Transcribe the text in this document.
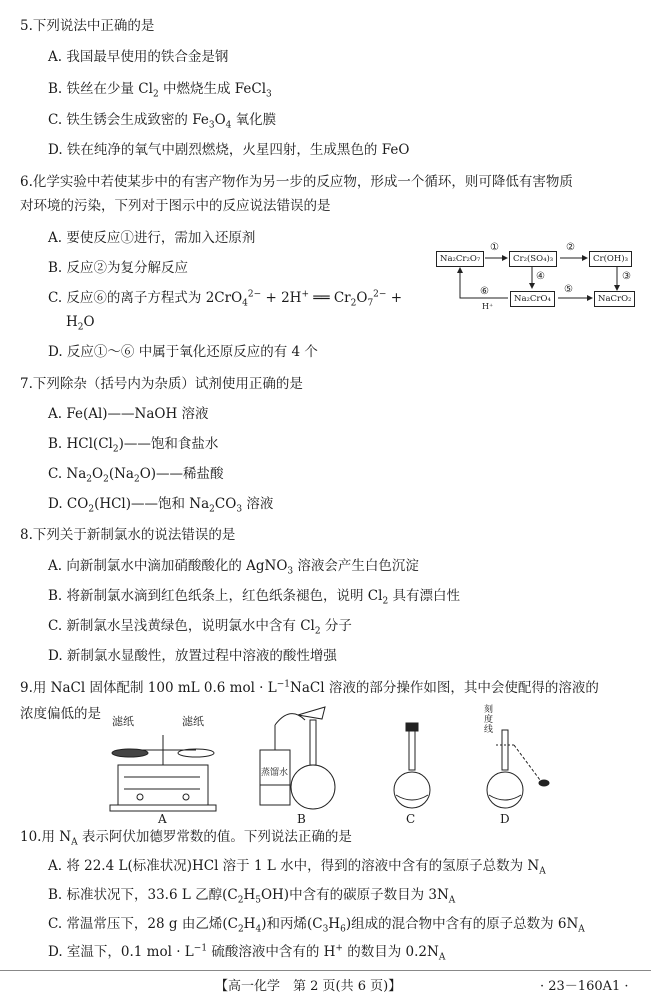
5.下列说法中正确的是
A. 我国最早使用的铁合金是钢
B. 铁丝在少量 $Cl_2$ 中燃烧生成 FeCl$_3$
C. 铁生锈会生成致密的 $Fe_3O_4$ 氧化膜
D. 铁在纯净的氧气中剧烈燃烧，火星四射，生成黑色的 FeO
6.化学实验中若使某步中的有害产物作为另一步的反应物，形成一个循环，则可降低有害物质
对环境的污染，下列对于图示中的反应说法错误的是
A. 要使反应①进行，需加入还原剂
B. 反应②为复分解反应
C. 反应⑥的离子方程式为 2CrO$_4^{2-}$ + 2H+ ══ $Cr_2O_7^{2-}$ +
$H_2O$
D. 反应①～⑥ 中属于氧化还原反应的有 4 个
Na₂Cr₂O₇	Cr₂(SO₄)₃	Cr(OH)₃
Na₂CrO₄	NaCrO₂
①	②
③
④
⑤
⑥
H⁺
7.下列除杂（括号内为杂质）试剂使用正确的是
A. Fe(Al)——NaOH 溶液
B. $HCl(Cl_2)——$饱和食盐水
C. $Na_2O_2(Na_2O)——$稀盐酸
D. $CO_2(HCl)——$饱和 $Na_2CO_3$ 溶液
8.下列关于新制氯水的说法错误的是
A. 向新制氯水中滴加硝酸酸化的 AgNO$_3$ 溶液会产生白色沉淀
B. 将新制氯水滴到红色纸条上，红色纸条褪色，说明 $Cl_2$ 具有漂白性
C. 新制氯水呈浅黄绿色，说明氯水中含有 $Cl_2$ 分子
D. 新制氯水显酸性，放置过程中溶液的酸性增强
9.用 NaCl 固体配制 100 mL 0.6 mol · $L^{-1}NaCl$ 溶液的部分操作如图，其中会使配得的溶液的
浓度偏低的是 滤纸	滤纸
蒸馏水
刻度线
A	B	C	D
10.用 $N_A$ 表示阿伏加德罗常数的值。下列说法正确的是
A. 将 22.4 L(标准状况)HCl 溶于 1 L 水中，得到的溶液中含有的氢原子总数为 $N_A$
B. 标准状况下，33.6 L 乙醇$(C_2H_5OH)$中含有的碳原子数目为 $3N_A$
C. 常温常压下，28 g 由乙烯$(C_2H_4)$和丙烯$(C_3H_6)$组成的混合物中含有的原子总数为 $6N_A$
D. 室温下，0.1 mol · $L^{-1}$ 硫酸溶液中含有的 H+ 的数目为 $0.2N_A$
【高一化学　第 2 页(共 6 页)】	· 23－160A1 ·
